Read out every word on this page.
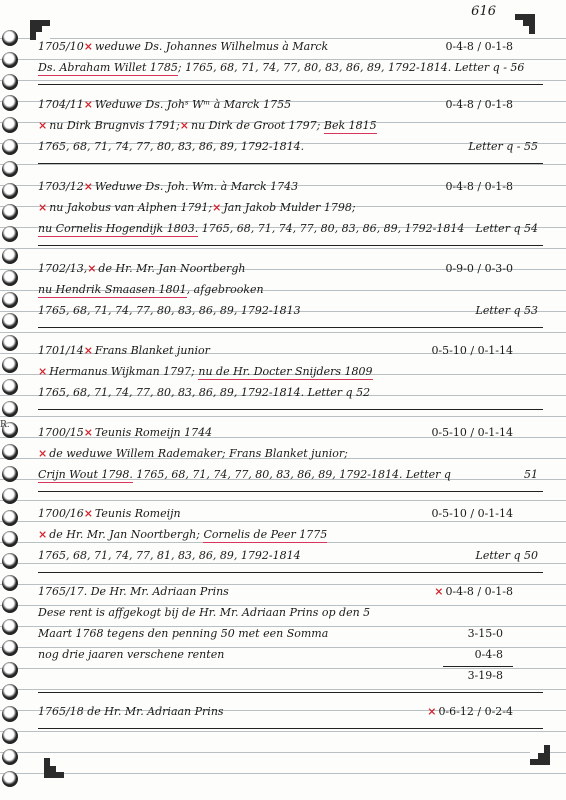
616
R.
1705/10× weduwe Ds. Johannes Wilhelmus à Marck
Ds. Abraham Willet 1785; 1765, 68, 71, 74, 77, 80, 83, 86, 89, 1792-1814. Letter q - 56
0-4-8 / 0-1-8
1704/11× Weduwe Ds. Johˢ Wᵐ à Marck 1755
× nu Dirk Brugnvis 1791;× nu Dirk de Groot 1797; Bek 1815
1765, 68, 71, 74, 77, 80, 83, 86, 89, 1792-1814.
0-4-8 / 0-1-8
Letter q - 55
1703/12× Weduwe Ds. Joh. Wm. à Marck 1743
× nu Jakobus van Alphen 1791;× Jan Jakob Mulder 1798;
nu Cornelis Hogendijk 1803. 1765, 68, 71, 74, 77, 80, 83, 86, 89, 1792-1814
0-4-8 / 0-1-8
Letter q 54
1702/13,× de Hr. Mr. Jan Noortbergh
nu Hendrik Smaasen 1801, afgebrooken
1765, 68, 71, 74, 77, 80, 83, 86, 89, 1792-1813
0-9-0 / 0-3-0
Letter q 53
1701/14× Frans Blanket junior
× Hermanus Wijkman 1797; nu de Hr. Docter Snijders 1809
1765, 68, 71, 74, 77, 80, 83, 86, 89, 1792-1814. Letter q 52
0-5-10 / 0-1-14
1700/15× Teunis Romeijn 1744
× de weduwe Willem Rademaker; Frans Blanket junior;
Crijn Wout 1798. 1765, 68, 71, 74, 77, 80, 83, 86, 89, 1792-1814. Letter q
0-5-10 / 0-1-14
51
1700/16× Teunis Romeijn
× de Hr. Mr. Jan Noortbergh; Cornelis de Peer 1775
1765, 68, 71, 74, 77, 81, 83, 86, 89, 1792-1814
0-5-10 / 0-1-14
Letter q 50
1765/17. De Hr. Mr. Adriaan Prins
Dese rent is affgekogt bij de Hr. Mr. Adriaan Prins op den 5
Maart 1768 tegens den penning 50 met een Somma
nog drie jaaren verschene renten
× 0-4-8 / 0-1-8
3-15-0
0-4-8
3-19-8
1765/18 de Hr. Mr. Adriaan Prins	× 0-6-12 / 0-2-4
